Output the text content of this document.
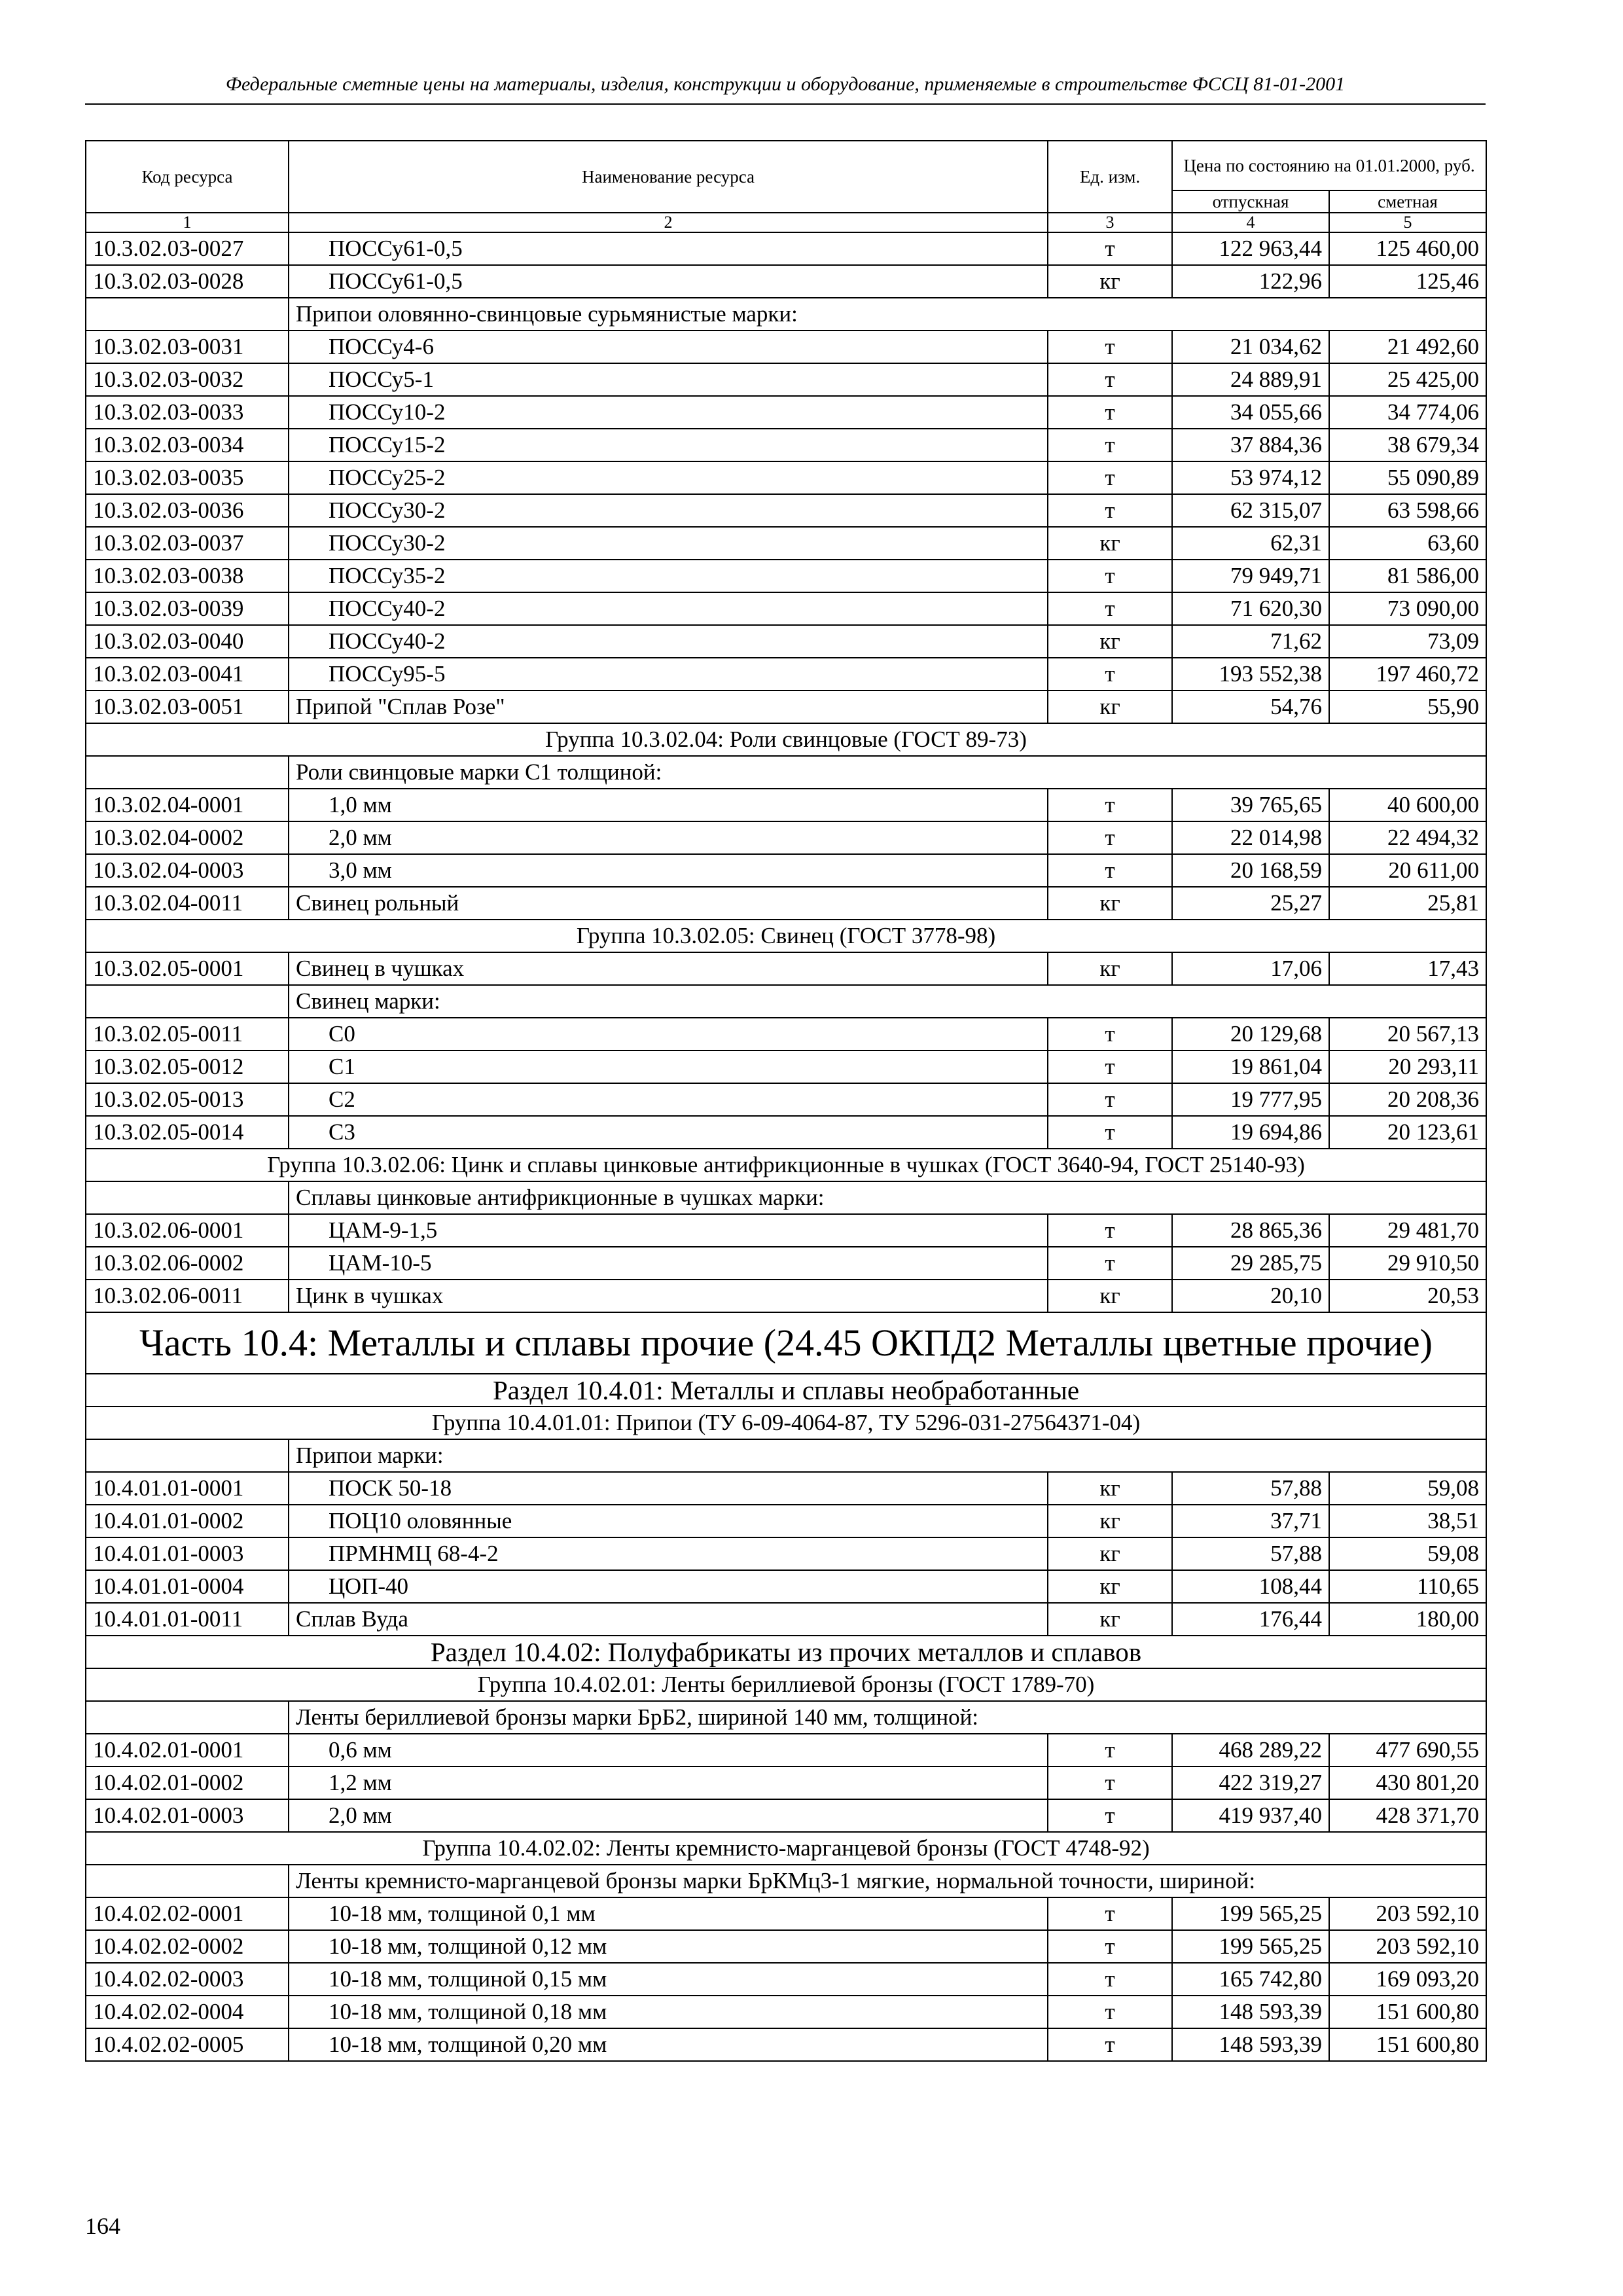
Федеральные сметные цены на материалы, изделия, конструкции и оборудование, применяемые в строительстве ФССЦ 81-01-2001
Код ресурса	Наименование ресурса	Ед. изм.	Цена по состоянию на 01.01.2000, руб.	
			отпускная	сметная
1	2	3	4	5
10.3.02.03-0027	ПОССу61-0,5	т	122 963,44	125 460,00
10.3.02.03-0028	ПОССу61-0,5	кг	122,96	125,46
	Припои оловянно-свинцовые сурьмянистые марки:			
10.3.02.03-0031	ПОССу4-6	т	21 034,62	21 492,60
10.3.02.03-0032	ПОССу5-1	т	24 889,91	25 425,00
10.3.02.03-0033	ПОССу10-2	т	34 055,66	34 774,06
10.3.02.03-0034	ПОССу15-2	т	37 884,36	38 679,34
10.3.02.03-0035	ПОССу25-2	т	53 974,12	55 090,89
10.3.02.03-0036	ПОССу30-2	т	62 315,07	63 598,66
10.3.02.03-0037	ПОССу30-2	кг	62,31	63,60
10.3.02.03-0038	ПОССу35-2	т	79 949,71	81 586,00
10.3.02.03-0039	ПОССу40-2	т	71 620,30	73 090,00
10.3.02.03-0040	ПОССу40-2	кг	71,62	73,09
10.3.02.03-0041	ПОССу95-5	т	193 552,38	197 460,72
10.3.02.03-0051	Припой "Сплав Розе"	кг	54,76	55,90
Группа 10.3.02.04: Роли свинцовые (ГОСТ 89-73)				
	Роли свинцовые марки С1 толщиной:			
10.3.02.04-0001	1,0 мм	т	39 765,65	40 600,00
10.3.02.04-0002	2,0 мм	т	22 014,98	22 494,32
10.3.02.04-0003	3,0 мм	т	20 168,59	20 611,00
10.3.02.04-0011	Свинец рольный	кг	25,27	25,81
Группа 10.3.02.05: Свинец (ГОСТ 3778-98)				
10.3.02.05-0001	Свинец в чушках	кг	17,06	17,43
	Свинец марки:			
10.3.02.05-0011	С0	т	20 129,68	20 567,13
10.3.02.05-0012	С1	т	19 861,04	20 293,11
10.3.02.05-0013	С2	т	19 777,95	20 208,36
10.3.02.05-0014	С3	т	19 694,86	20 123,61
Группа 10.3.02.06: Цинк и сплавы цинковые антифрикционные в чушках (ГОСТ 3640-94, ГОСТ 25140-93)				
	Сплавы цинковые антифрикционные в чушках марки:			
10.3.02.06-0001	ЦАМ-9-1,5	т	28 865,36	29 481,70
10.3.02.06-0002	ЦАМ-10-5	т	29 285,75	29 910,50
10.3.02.06-0011	Цинк в чушках	кг	20,10	20,53
Часть 10.4: Металлы и сплавы прочие (24.45 ОКПД2 Металлы цветные прочие)				
Раздел 10.4.01: Металлы и сплавы необработанные				
Группа 10.4.01.01: Припои (ТУ 6-09-4064-87, ТУ 5296-031-27564371-04)				
	Припои марки:			
10.4.01.01-0001	ПОСК 50-18	кг	57,88	59,08
10.4.01.01-0002	ПОЦ10 оловянные	кг	37,71	38,51
10.4.01.01-0003	ПРМНМЦ 68-4-2	кг	57,88	59,08
10.4.01.01-0004	ЦОП-40	кг	108,44	110,65
10.4.01.01-0011	Сплав Вуда	кг	176,44	180,00
Раздел 10.4.02: Полуфабрикаты из прочих металлов и сплавов				
Группа 10.4.02.01: Ленты бериллиевой бронзы (ГОСТ 1789-70)				
	Ленты бериллиевой бронзы марки БрБ2, шириной 140 мм, толщиной:			
10.4.02.01-0001	0,6 мм	т	468 289,22	477 690,55
10.4.02.01-0002	1,2 мм	т	422 319,27	430 801,20
10.4.02.01-0003	2,0 мм	т	419 937,40	428 371,70
Группа 10.4.02.02: Ленты кремнисто-марганцевой бронзы (ГОСТ 4748-92)				
	Ленты кремнисто-марганцевой бронзы марки БрКМц3-1 мягкие, нормальной точности, шириной:			
10.4.02.02-0001	10-18 мм, толщиной 0,1 мм	т	199 565,25	203 592,10
10.4.02.02-0002	10-18 мм, толщиной 0,12 мм	т	199 565,25	203 592,10
10.4.02.02-0003	10-18 мм, толщиной 0,15 мм	т	165 742,80	169 093,20
10.4.02.02-0004	10-18 мм, толщиной 0,18 мм	т	148 593,39	151 600,80
10.4.02.02-0005	10-18 мм, толщиной 0,20 мм	т	148 593,39	151 600,80
164
